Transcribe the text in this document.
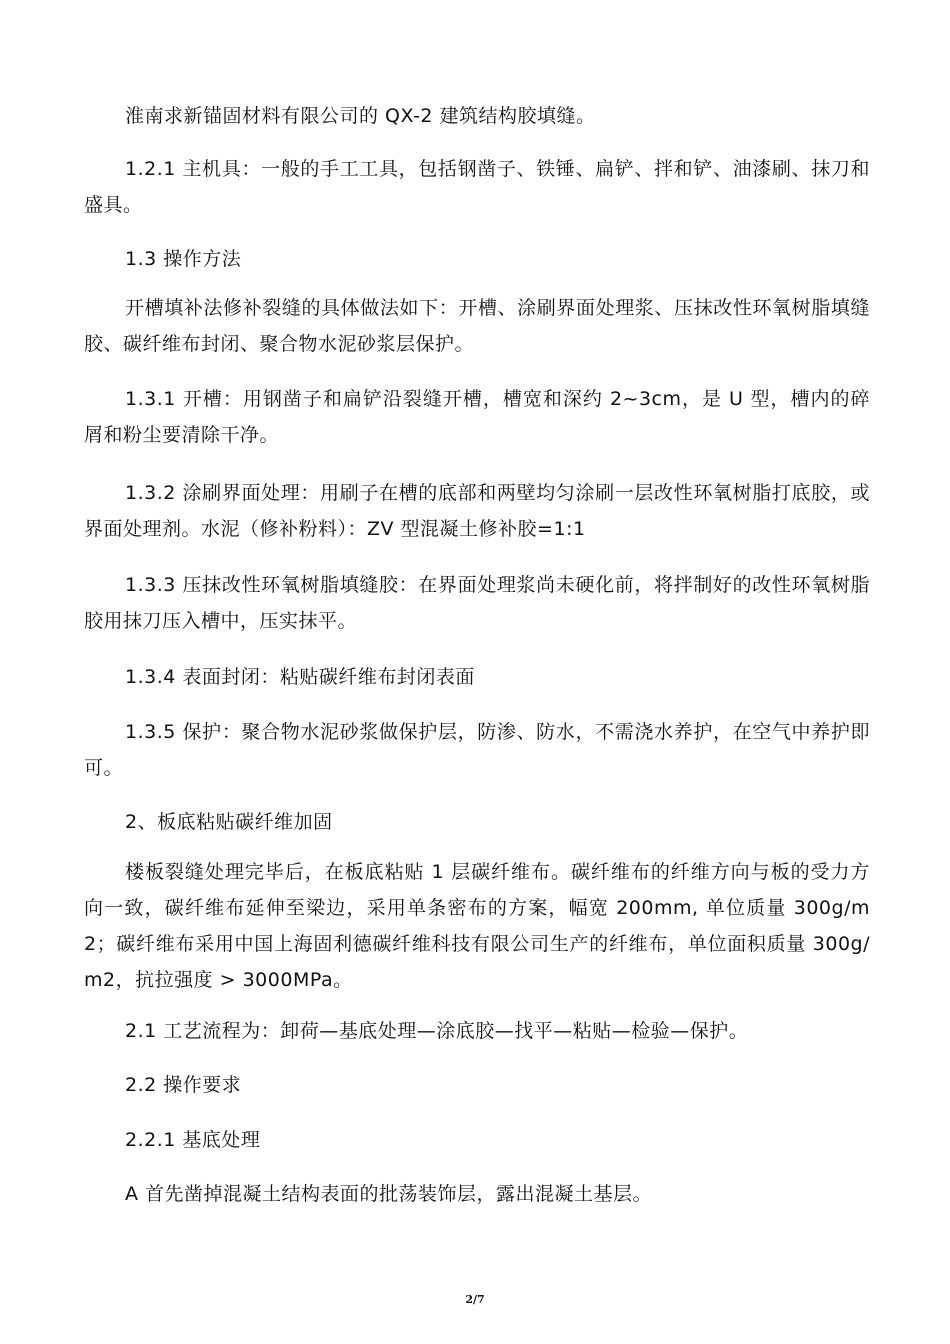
淮南求新锚固材料有限公司的 QX-2 建筑结构胶填缝。

1.2.1 主机具：一般的手工工具，包括钢凿子、铁锤、扁铲、拌和铲、油漆刷、抹刀和盛具。

1.3 操作方法

开槽填补法修补裂缝的具体做法如下：开槽、涂刷界面处理浆、压抹改性环氧树脂填缝胶、碳纤维布封闭、聚合物水泥砂浆层保护。

1.3.1 开槽：用钢凿子和扁铲沿裂缝开槽，槽宽和深约 2~3cm，是 U 型，槽内的碎屑和粉尘要清除干净。

1.3.2 涂刷界面处理：用刷子在槽的底部和两壁均匀涂刷一层改性环氧树脂打底胶，或界面处理剂。水泥（修补粉料）：ZV 型混凝土修补胶=1:1

1.3.3 压抹改性环氧树脂填缝胶：在界面处理浆尚未硬化前，将拌制好的改性环氧树脂胶用抹刀压入槽中，压实抹平。

1.3.4 表面封闭：粘贴碳纤维布封闭表面

1.3.5 保护：聚合物水泥砂浆做保护层，防渗、防水，不需浇水养护，在空气中养护即可。

2、板底粘贴碳纤维加固

楼板裂缝处理完毕后，在板底粘贴 1 层碳纤维布。碳纤维布的纤维方向与板的受力方向一致，碳纤维布延伸至梁边，采用单条密布的方案，幅宽 200mm, 单位质量 300g/m2；碳纤维布采用中国上海固利德碳纤维科技有限公司生产的纤维布，单位面积质量 300g/m2，抗拉强度 > 3000MPa。

2.1 工艺流程为：卸荷—基底处理—涂底胶—找平—粘贴—检验—保护。

2.2 操作要求

2.2.1 基底处理

A 首先凿掉混凝土结构表面的批荡装饰层，露出混凝土基层。

2/7
